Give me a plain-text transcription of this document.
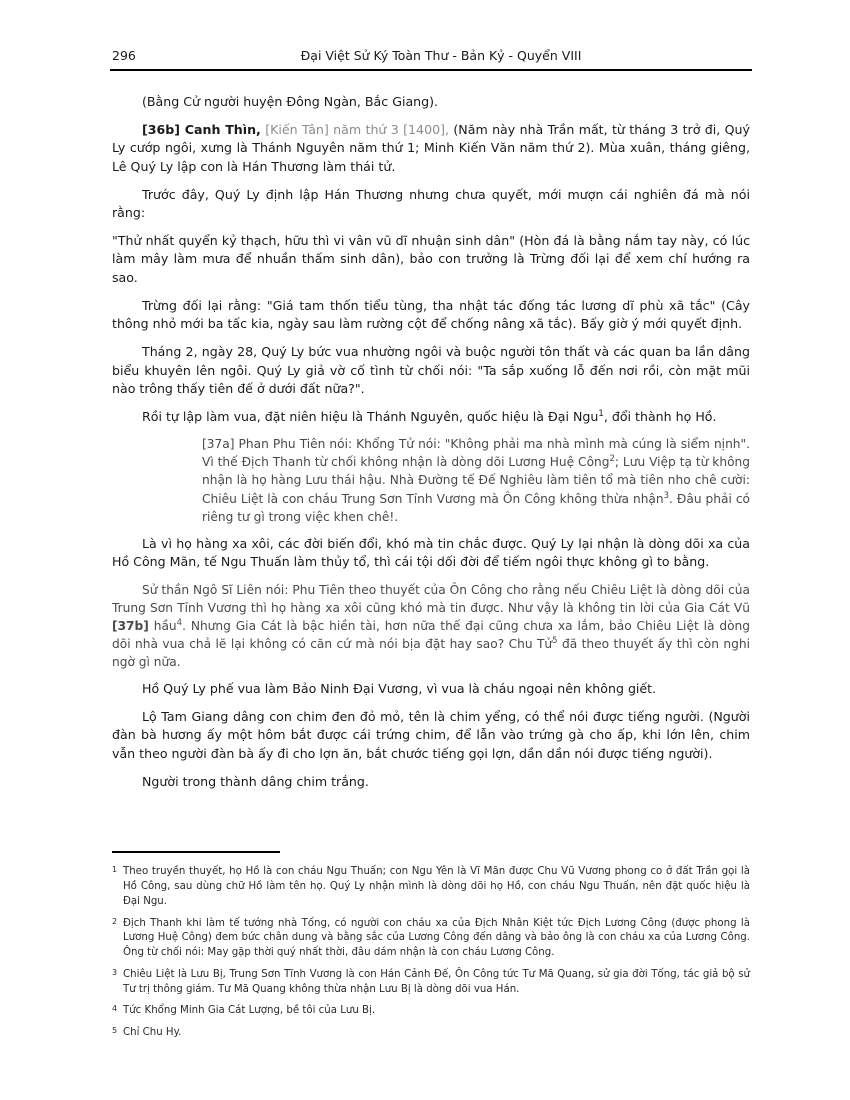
296	Đại Việt Sử Ký Toàn Thư - Bản Kỷ - Quyển VIII

(Bằng Cử người huyện Đông Ngàn, Bắc Giang).

[36b] Canh Thìn, [Kiến Tân] năm thứ 3 [1400], (Năm này nhà Trần mất, từ tháng 3 trở đi, Quý Ly cướp ngôi, xưng là Thánh Nguyên năm thứ 1; Minh Kiến Văn năm thứ 2). Mùa xuân, tháng giêng, Lê Quý Ly lập con là Hán Thương làm thái tử.

Trước đây, Quý Ly định lập Hán Thương nhưng chưa quyết, mới mượn cái nghiên đá mà nói rằng:

"Thử nhất quyển kỷ thạch, hữu thì vi vân vũ dĩ nhuận sinh dân" (Hòn đá là bằng nắm tay này, có lúc làm mây làm mưa để nhuần thấm sinh dân), bảo con trưởng là Trừng đối lại để xem chí hướng ra sao.

Trừng đối lại rằng: "Giá tam thốn tiểu tùng, tha nhật tác đống tác lương dĩ phù xã tắc" (Cây thông nhỏ mới ba tấc kia, ngày sau làm rường cột để chống nâng xã tắc). Bấy giờ ý mới quyết định.

Tháng 2, ngày 28, Quý Ly bức vua nhường ngôi và buộc người tôn thất và các quan ba lần dâng biểu khuyên lên ngôi. Quý Ly giả vờ cố tình từ chối nói: "Ta sắp xuống lỗ đến nơi rồi, còn mặt mũi nào trông thấy tiên đế ở dưới đất nữa?".

Rồi tự lập làm vua, đặt niên hiệu là Thánh Nguyên, quốc hiệu là Đại Ngu$^1$, đổi thành họ Hồ.

[37a] Phan Phu Tiên nói: Khổng Tử nói: "Không phải ma nhà mình mà cúng là siểm nịnh". Vì thế Địch Thanh từ chối không nhận là dòng dõi Lương Huệ Công$^2$; Lưu Việp tạ từ không nhận là họ hàng Lưu thái hậu. Nhà Đường tế Đế Nghiêu làm tiên tổ mà tiên nho chê cười: Chiêu Liệt là con cháu Trung Sơn Tỉnh Vương mà Ôn Công không thừa nhận$^3$. Đâu phải có riêng tư gì trong việc khen chê!.

Là vì họ hàng xa xôi, các đời biến đổi, khó mà tin chắc được. Quý Ly lại nhận là dòng dõi xa của Hồ Công Mãn, tế Ngu Thuấn làm thủy tổ, thì cái tội dối đời để tiếm ngôi thực không gì to bằng.

Sử thần Ngô Sĩ Liên nói: Phu Tiên theo thuyết của Ôn Công cho rằng nếu Chiêu Liệt là dòng dõi của Trung Sơn Tỉnh Vương thì họ hàng xa xôi cũng khó mà tin được. Như vậy là không tin lời của Gia Cát Vũ [37b] hầu$^4$. Nhưng Gia Cát là bậc hiền tài, hơn nữa thế đại cũng chưa xa lắm, bảo Chiêu Liệt là dòng dõi nhà vua chả lẽ lại không có căn cứ mà nói bịa đặt hay sao? Chu Tử$^5$ đã theo thuyết ấy thì còn nghi ngờ gì nữa.

Hồ Quý Ly phế vua làm Bảo Ninh Đại Vương, vì vua là cháu ngoại nên không giết.

Lộ Tam Giang dâng con chim đen đỏ mỏ, tên là chim yểng, có thể nói được tiếng người. (Người đàn bà hương ấy một hôm bắt được cái trứng chim, để lẫn vào trứng gà cho ấp, khi lớn lên, chim vẫn theo người đàn bà ấy đi cho lợn ăn, bắt chước tiếng gọi lợn, dần dần nói được tiếng người).

Người trong thành dâng chim trắng.

1 Theo truyền thuyết, họ Hồ là con cháu Ngu Thuấn; con Ngu Yên là Vĩ Mãn được Chu Vũ Vương phong co ở đất Trần gọi là Hồ Công, sau dùng chữ Hồ làm tên họ. Quý Ly nhận mình là dòng dõi họ Hồ, con cháu Ngu Thuấn, nên đặt quốc hiệu là Đại Ngu.
2 Địch Thanh khi làm tế tướng nhà Tống, có người con cháu xa của Địch Nhân Kiệt tức Địch Lương Công (được phong là Lương Huệ Công) đem bức chân dung và bằng sắc của Lương Công đến dâng và bảo ông là con cháu xa của Lương Công. Ông từ chối nói: May gặp thời quý nhất thời, đâu dám nhận là con cháu Lương Công.
3 Chiêu Liệt là Lưu Bị, Trung Sơn Tĩnh Vương là con Hán Cảnh Đế, Ôn Công tức Tư Mã Quang, sử gia đời Tống, tác giả bộ sử Tư trị thông giám. Tư Mã Quang không thừa nhận Lưu Bị là dòng dõi vua Hán.
4 Tức Khổng Minh Gia Cát Lượng, bề tôi của Lưu Bị.
5 Chỉ Chu Hy.
